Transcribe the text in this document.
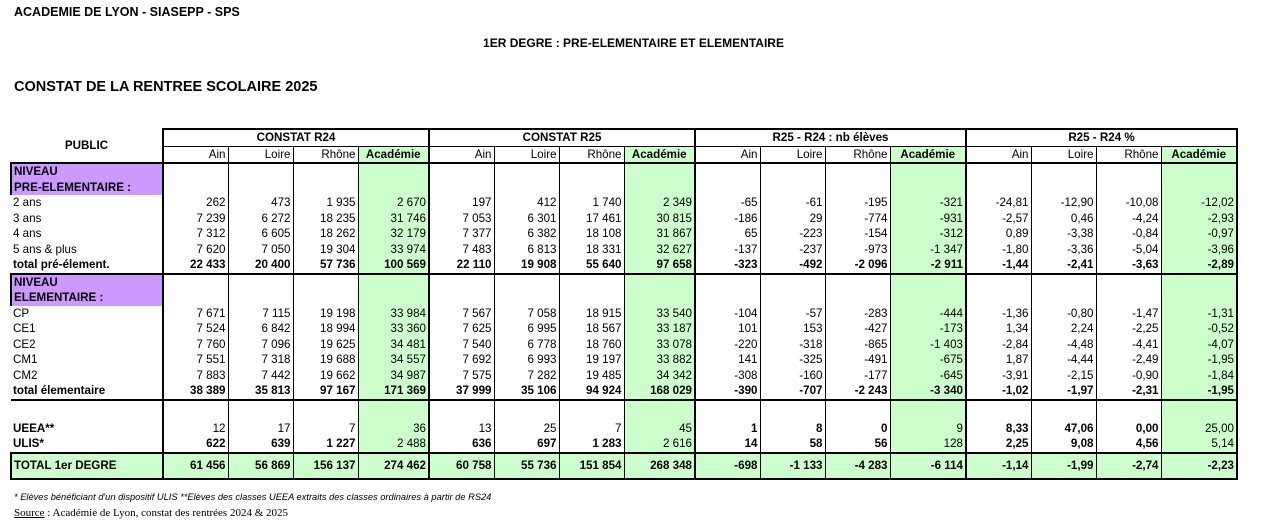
ACADEMIE DE LYON - SIASEPP - SPS
1ER DEGRE : PRE-ELEMENTAIRE ET ELEMENTAIRE
CONSTAT DE LA RENTREE SCOLAIRE 2025
PUBLIC	CONSTAT R24				CONSTAT R25				R25 - R24 : nb élèves				R25 - R24 %			
	Ain	Loire	Rhône	Académie	Ain	Loire	Rhône	Académie	Ain	Loire	Rhône	Académie	Ain	Loire	Rhône	Académie
NIVEAU																
PRE-ELEMENTAIRE :																
2 ans	262	473	1 935	2 670	197	412	1 740	2 349	-65	-61	-195	-321	-24,81	-12,90	-10,08	-12,02
3 ans	7 239	6 272	18 235	31 746	7 053	6 301	17 461	30 815	-186	29	-774	-931	-2,57	0,46	-4,24	-2,93
4 ans	7 312	6 605	18 262	32 179	7 377	6 382	18 108	31 867	65	-223	-154	-312	0,89	-3,38	-0,84	-0,97
5 ans & plus	7 620	7 050	19 304	33 974	7 483	6 813	18 331	32 627	-137	-237	-973	-1 347	-1,80	-3,36	-5,04	-3,96
total pré-élement.	22 433	20 400	57 736	100 569	22 110	19 908	55 640	97 658	-323	-492	-2 096	-2 911	-1,44	-2,41	-3,63	-2,89
NIVEAU																
ELEMENTAIRE :																
CP	7 671	7 115	19 198	33 984	7 567	7 058	18 915	33 540	-104	-57	-283	-444	-1,36	-0,80	-1,47	-1,31
CE1	7 524	6 842	18 994	33 360	7 625	6 995	18 567	33 187	101	153	-427	-173	1,34	2,24	-2,25	-0,52
CE2	7 760	7 096	19 625	34 481	7 540	6 778	18 760	33 078	-220	-318	-865	-1 403	-2,84	-4,48	-4,41	-4,07
CM1	7 551	7 318	19 688	34 557	7 692	6 993	19 197	33 882	141	-325	-491	-675	1,87	-4,44	-2,49	-1,95
CM2	7 883	7 442	19 662	34 987	7 575	7 282	19 485	34 342	-308	-160	-177	-645	-3,91	-2,15	-0,90	-1,84
total élementaire	38 389	35 813	97 167	171 369	37 999	35 106	94 924	168 029	-390	-707	-2 243	-3 340	-1,02	-1,97	-2,31	-1,95

UEEA**	12	17	7	36	13	25	7	45	1	8	0	9	8,33	47,06	0,00	25,00
ULIS*	622	639	1 227	2 488	636	697	1 283	2 616	14	58	56	128	2,25	9,08	4,56	5,14
TOTAL 1er DEGRE	61 456	56 869	156 137	274 462	60 758	55 736	151 854	268 348	-698	-1 133	-4 283	-6 114	-1,14	-1,99	-2,74	-2,23
* Elèves bénéficiant d'un dispositif ULIS **Elèves des classes UEEA extraits des classes ordinaires à partir de RS24
Source : Académie de Lyon, constat des rentrées 2024 & 2025
